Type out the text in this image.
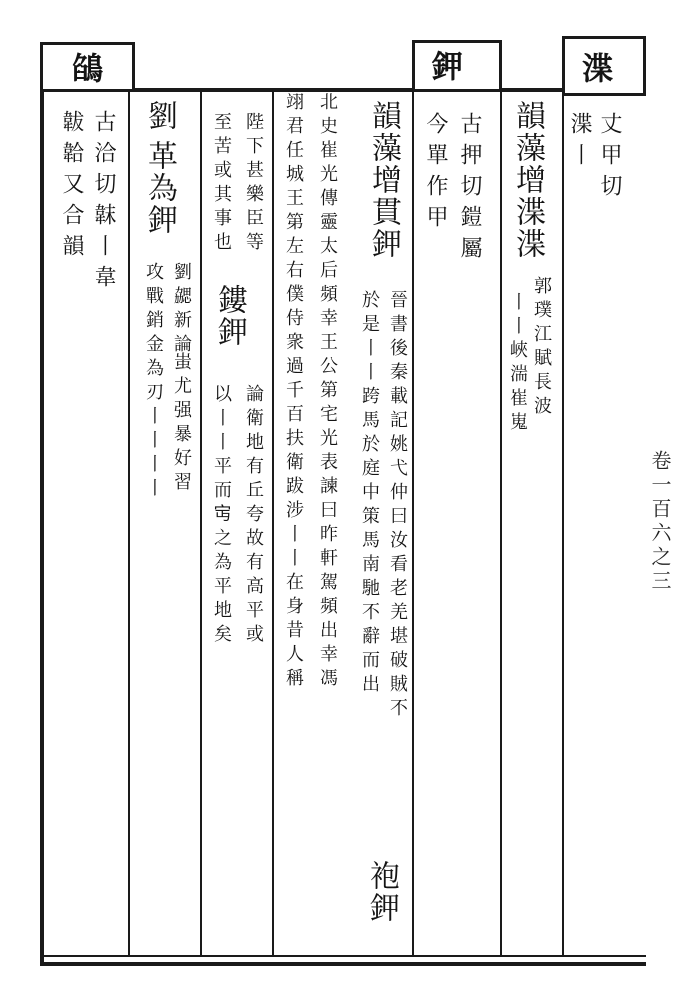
渫
丈甲切
渫丨
韻藻增
渫渫
郭璞江賦長波
丨丨峽湍崔嵬
鉀
古押切鎧屬
今單作甲
韻藻增
貫鉀
晉書後秦載記姚弋仲曰汝看老羌堪破賊不
於是丨丨跨馬於庭中策馬南馳不辭而出
袍鉀
北史崔光傳靈太后頻幸王公第宅光表諫曰昨軒駕頻出幸馮
翊君任城王第左右僕侍衆過千百扶衛跋涉丨丨在身昔人稱
陛下甚樂臣等
至苦或其事也
鏤鉀
論衛地有丘夸故有高平或
以丨丨平而𡧍之為平地矣
劉
革為鉀
劉勰新論
蚩尤强暴好習
攻戰銷金為刃丨丨丨丨
鵮
古洽切韎丨韋
韍韐又合韻
卷一百六之三
